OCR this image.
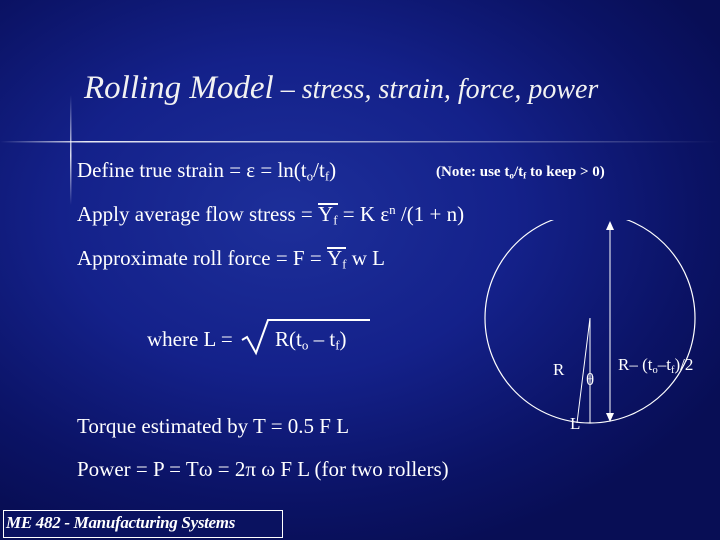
Rolling Model – stress, strain, force, power
Define true strain = ε = ln(to/tf)	(Note: use to/tf to keep > 0)
Apply average flow stress = Yf = K $\varepsilon^n$ /(1 + n)
Approximate roll force = F = Yf w L
where L = R(to – tf)
Torque estimated by T = 0.5 F L
Power = P = Tω = 2π ω F L (for two rollers)
R
θ
L
R– (to–tf)/2
ME 482 - Manufacturing Systems
